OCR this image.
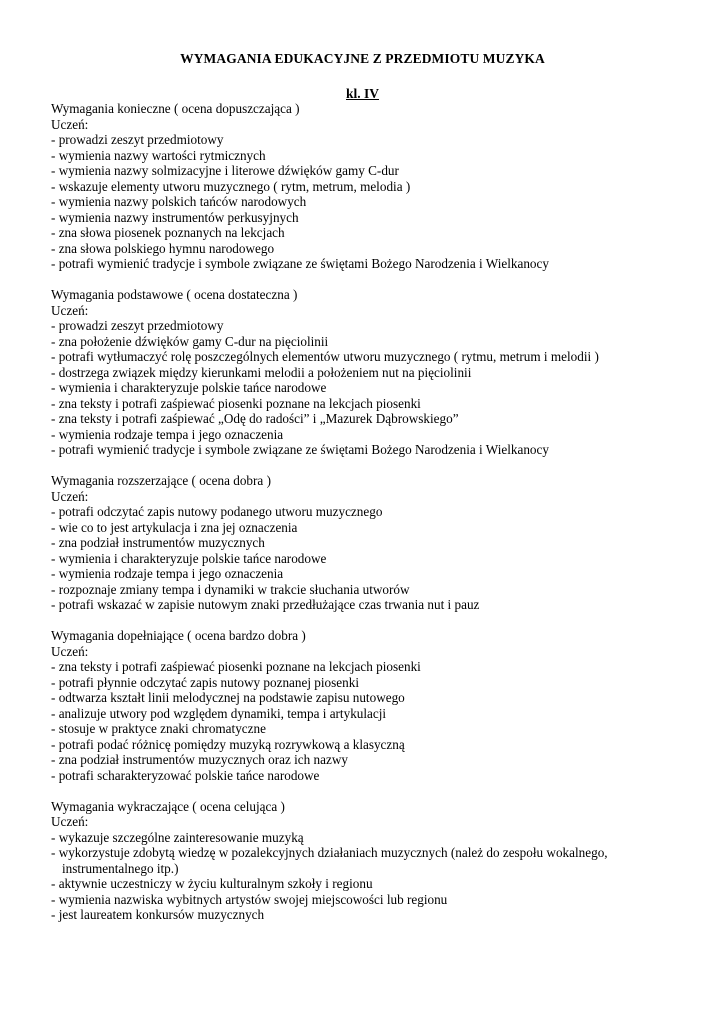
WYMAGANIA EDUKACYJNE Z PRZEDMIOTU MUZYKA
kl. IV
Wymagania konieczne ( ocena dopuszczająca )
Uczeń:
- prowadzi zeszyt przedmiotowy
- wymienia nazwy wartości rytmicznych
- wymienia nazwy solmizacyjne i literowe dźwięków gamy C-dur
- wskazuje elementy utworu muzycznego ( rytm, metrum, melodia )
- wymienia nazwy polskich tańców narodowych
- wymienia nazwy instrumentów perkusyjnych
- zna słowa piosenek poznanych na lekcjach
- zna słowa polskiego hymnu narodowego
- potrafi wymienić tradycje i symbole związane ze świętami Bożego Narodzenia i Wielkanocy
Wymagania podstawowe ( ocena dostateczna )
Uczeń:
- prowadzi zeszyt przedmiotowy
- zna położenie dźwięków gamy C-dur na pięciolinii
- potrafi wytłumaczyć rolę poszczególnych elementów utworu muzycznego ( rytmu, metrum i melodii )
- dostrzega związek między kierunkami melodii a położeniem nut na pięciolinii
- wymienia i charakteryzuje polskie tańce narodowe
- zna teksty i potrafi zaśpiewać piosenki poznane na lekcjach piosenki
- zna teksty i potrafi zaśpiewać „Odę do radości” i „Mazurek Dąbrowskiego”
- wymienia rodzaje tempa i jego oznaczenia
- potrafi wymienić tradycje i symbole związane ze świętami Bożego Narodzenia i Wielkanocy
Wymagania rozszerzające ( ocena dobra )
Uczeń:
- potrafi odczytać zapis nutowy podanego utworu muzycznego
- wie co to jest artykulacja i zna jej oznaczenia
- zna podział instrumentów muzycznych
- wymienia i charakteryzuje polskie tańce narodowe
- wymienia rodzaje tempa i jego oznaczenia
- rozpoznaje zmiany tempa i dynamiki w trakcie słuchania utworów
- potrafi wskazać w zapisie nutowym znaki przedłużające czas trwania nut i pauz
Wymagania dopełniające ( ocena bardzo dobra )
Uczeń:
- zna teksty i potrafi zaśpiewać piosenki poznane na lekcjach piosenki
- potrafi płynnie odczytać zapis nutowy poznanej piosenki
- odtwarza kształt linii melodycznej na podstawie zapisu nutowego
- analizuje utwory pod względem dynamiki, tempa i artykulacji
- stosuje w praktyce znaki chromatyczne
- potrafi podać różnicę pomiędzy muzyką rozrywkową a klasyczną
- zna podział instrumentów muzycznych oraz ich nazwy
- potrafi scharakteryzować polskie tańce narodowe
Wymagania wykraczające ( ocena celująca )
Uczeń:
- wykazuje szczególne zainteresowanie muzyką
- wykorzystuje zdobytą wiedzę w pozalekcyjnych działaniach muzycznych (należ do zespołu wokalnego,
instrumentalnego itp.)
- aktywnie uczestniczy w życiu kulturalnym szkoły i regionu
- wymienia nazwiska wybitnych artystów swojej miejscowości lub regionu
- jest laureatem konkursów muzycznych
